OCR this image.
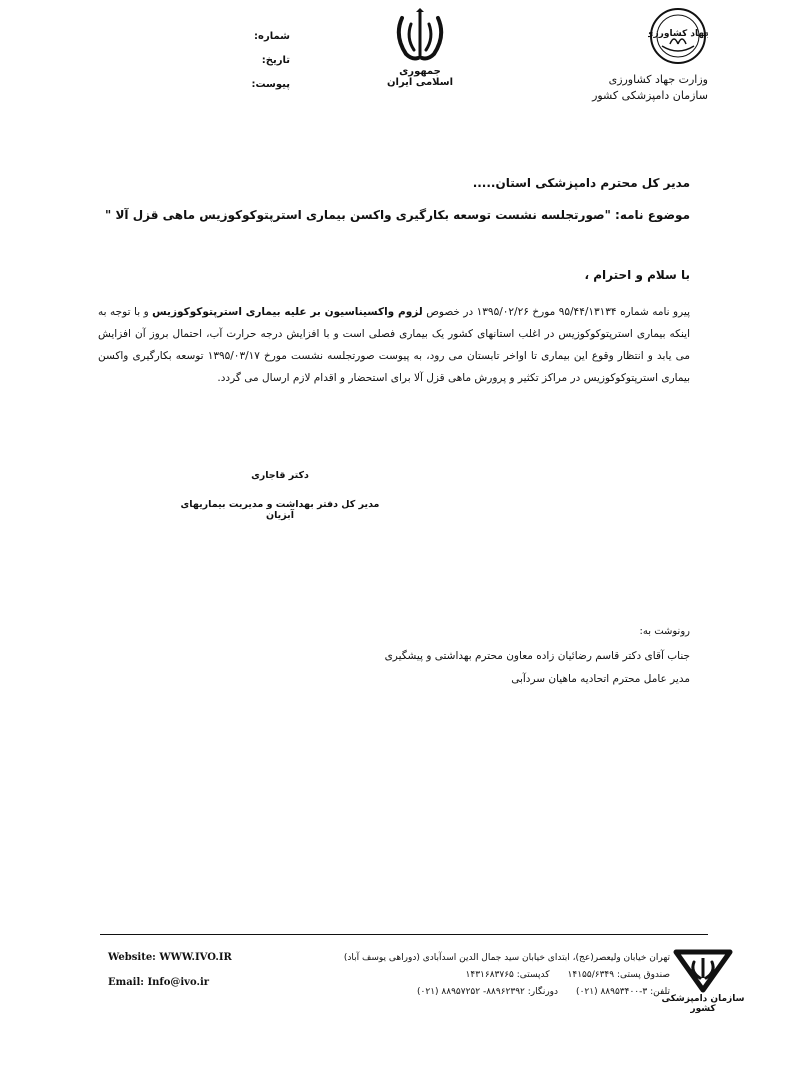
شماره:
تاریخ:
پیوست:
جمهوری اسلامی ایران
جهاد کشاورزی
وزارت جهاد کشاورزی
سازمان دامپزشکی کشور
مدیر کل محترم دامپزشکی استان.....
موضوع نامه: "صورتجلسه نشست توسعه بکارگیری واکسن بیماری استرپتوکوکوزیس ماهی قزل آلا "
با سلام و احترام ،
پیرو نامه شماره ۹۵/۴۴/۱۳۱۳۴ مورخ ۱۳۹۵/۰۲/۲۶ در خصوص لزوم واکسیناسیون بر علیه بیماری استرپتوکوکوزیس و با توجه به اینکه بیماری استرپتوکوکوزیس در اغلب استانهای کشور یک بیماری فصلی است و با افزایش درجه حرارت آب، احتمال بروز آن افزایش می یابد و انتظار وقوع این بیماری تا اواخر تابستان می رود، به پیوست صورتجلسه نشست مورخ ۱۳۹۵/۰۳/۱۷ توسعه بکارگیری واکسن بیماری استرپتوکوکوزیس در مراکز تکثیر و پرورش ماهی قزل آلا برای استحضار و اقدام لازم ارسال می گردد.
دکتر قاجاری
مدیر کل دفتر بهداشت و مدیریت بیماریهای آبزیان
رونوشت به:
جناب آقای دکتر قاسم رضائیان زاده معاون محترم بهداشتی و پیشگیری
مدیر عامل محترم اتحادیه ماهیان سردآبی
Website: WWW.IVO.IR
Email: Info@ivo.ir
تهران خیابان ولیعصر(عج)، ابتدای خیابان سید جمال الدین اسدآبادی (دوراهی یوسف آباد)
صندوق پستی: ۱۴۱۵۵/۶۳۴۹کدپستی: ۱۴۳۱۶۸۳۷۶۵
تلفن: ۳-۸۸۹۵۳۴۰۰ (۰۲۱)دورنگار: ۸۸۹۶۲۳۹۲- ۸۸۹۵۷۲۵۲ (۰۲۱)
سازمان دامپزشکی کشور
